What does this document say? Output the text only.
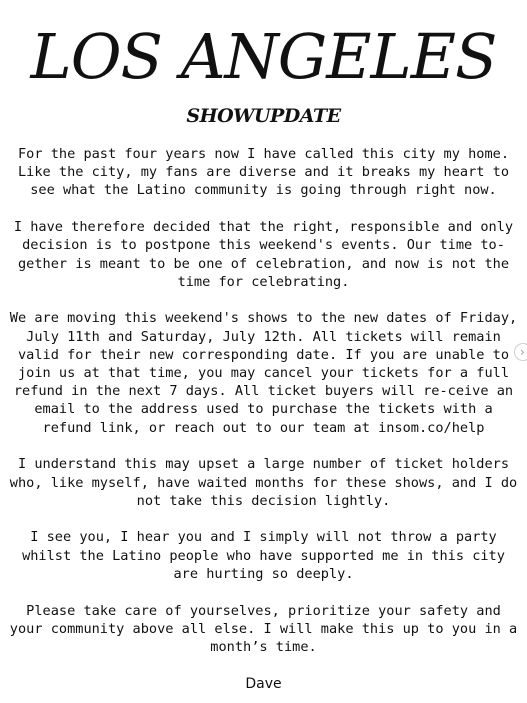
LOS ANGELES
SHOWUPDATE

For the past four years now I have called this city my home. Like the city, my fans are diverse and it breaks my heart to see what the Latino community is going through right now.

I have therefore decided that the right, responsible and only decision is to postpone this weekend's events. Our time to-gether is meant to be one of celebration, and now is not the time for celebrating.

We are moving this weekend's shows to the new dates of Friday, July 11th and Saturday, July 12th. All tickets will remain valid for their new corresponding date. If you are unable to join us at that time, you may cancel your tickets for a full refund in the next 7 days. All ticket buyers will re-ceive an email to the address used to purchase the tickets with a refund link, or reach out to our team at insom.co/help

I understand this may upset a large number of ticket holders who, like myself, have waited months for these shows, and I do not take this decision lightly.

I see you, I hear you and I simply will not throw a party whilst the Latino people who have supported me in this city are hurting so deeply.

Please take care of yourselves, prioritize your safety and your community above all else. I will make this up to you in a month’s time.

Dave

›
